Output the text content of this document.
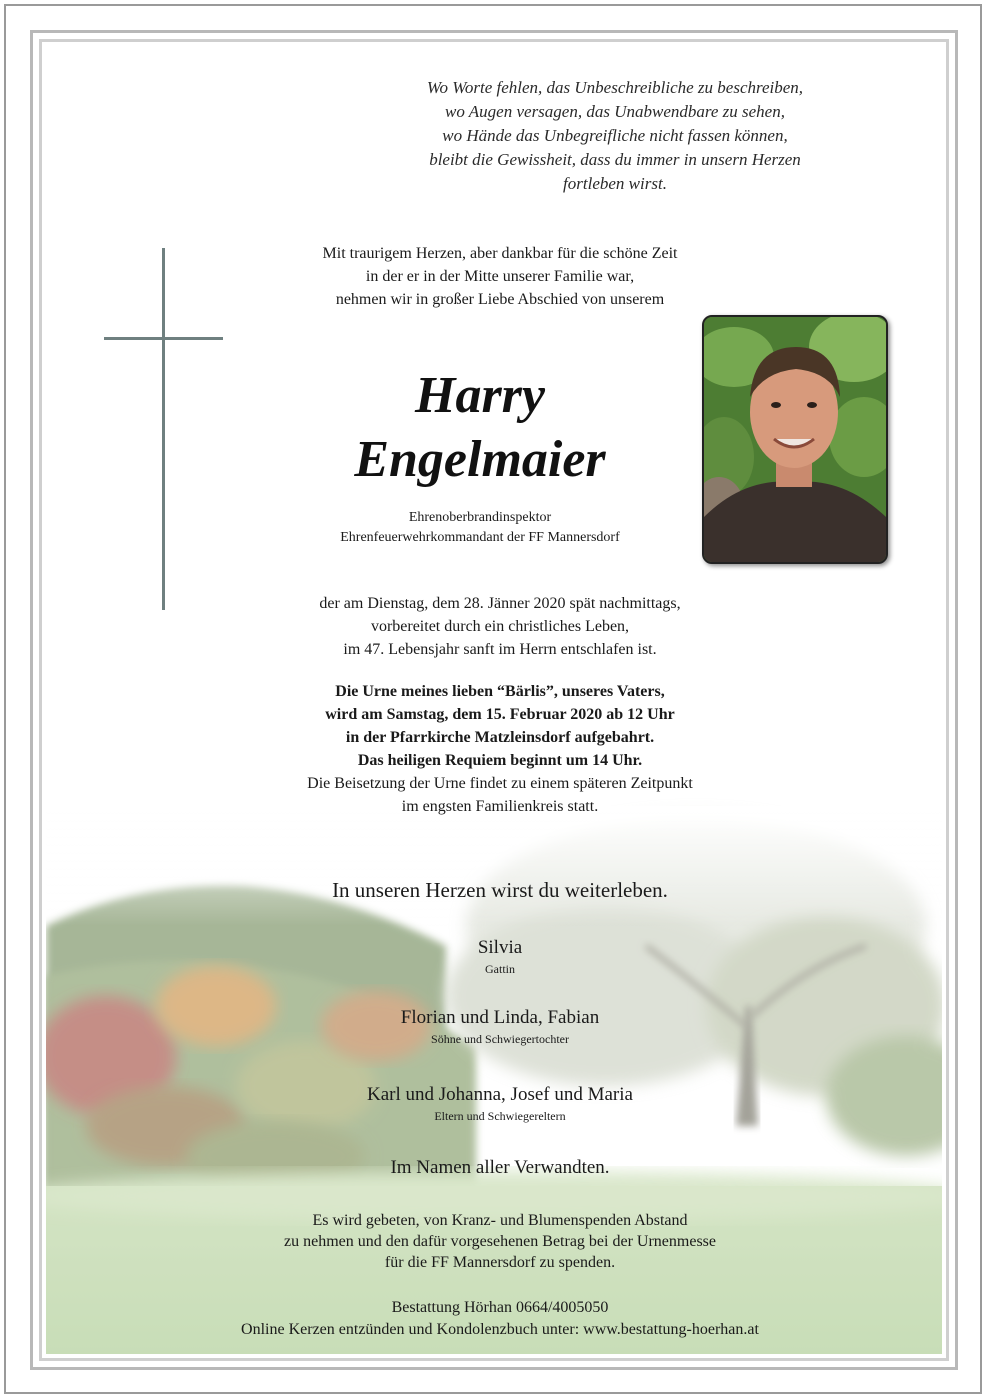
Wo Worte fehlen, das Unbeschreibliche zu beschreiben,
wo Augen versagen, das Unabwendbare zu sehen,
wo Hände das Unbegreifliche nicht fassen können,
bleibt die Gewissheit, dass du immer in unsern Herzen
fortleben wirst.
Mit traurigem Herzen, aber dankbar für die schöne Zeit
in der er in der Mitte unserer Familie war,
nehmen wir in großer Liebe Abschied von unserem
Harry
Engelmaier
Ehrenoberbrandinspektor
Ehrenfeuerwehrkommandant der FF Mannersdorf
der am Dienstag, dem 28. Jänner 2020 spät nachmittags,
vorbereitet durch ein christliches Leben,
im 47. Lebensjahr sanft im Herrn entschlafen ist.
Die Urne meines lieben “Bärlis”, unseres Vaters,
wird am Samstag, dem 15. Februar 2020 ab 12 Uhr
in der Pfarrkirche Matzleinsdorf aufgebahrt.
Das heiligen Requiem beginnt um 14 Uhr.
Die Beisetzung der Urne findet zu einem späteren Zeitpunkt
im engsten Familienkreis statt.
In unseren Herzen wirst du weiterleben.
Silvia
Gattin
Florian und Linda, Fabian
Söhne und Schwiegertochter
Karl und Johanna, Josef und Maria
Eltern und Schwiegereltern
Im Namen aller Verwandten.
Es wird gebeten, von Kranz- und Blumenspenden Abstand
zu nehmen und den dafür vorgesehenen Betrag bei der Urnenmesse
für die FF Mannersdorf zu spenden.
Bestattung Hörhan 0664/4005050
Online Kerzen entzünden und Kondolenzbuch unter: www.bestattung-hoerhan.at
